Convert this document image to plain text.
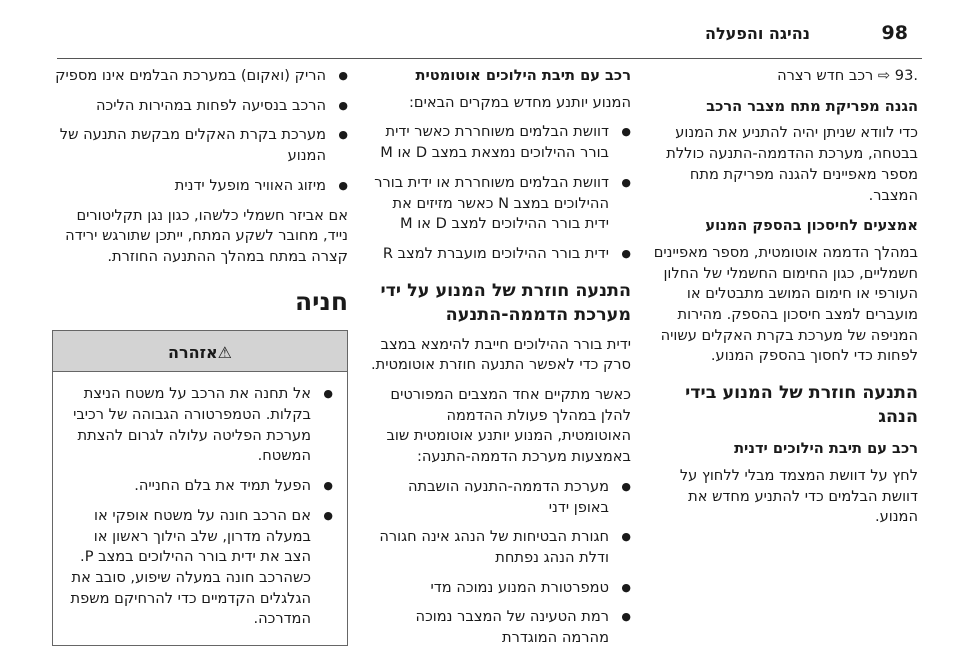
98
נהיגה והפעלה

.93 ⇨ רכב חדש רצרה

הגנה מפריקת מתח מצבר הרכב

כדי לוודא שניתן יהיה להתניע את המנוע בבטחה, מערכת ההדממה-התנעה כוללת מספר מאפיינים להגנה מפריקת מתח המצבר.

אמצעים לחיסכון בהספק המנוע

במהלך הדממה אוטומטית, מספר מאפיינים חשמליים, כגון החימום החשמלי של החלון העורפי או חימום המושב מתבטלים או מועברים למצב חיסכון בהספק. מהירות המניפה של מערכת בקרת האקלים עשויה לפחות כדי לחסוך בהספק המנוע.

התנעה חוזרת של המנוע בידי הנהג
רכב עם תיבת הילוכים ידנית

לחץ על דוושת המצמד מבלי ללחוץ על דוושת הבלמים כדי להתניע מחדש את המנוע.

רכב עם תיבת הילוכים אוטומטית

המנוע יותנע מחדש במקרים הבאים:

● דוושת הבלמים משוחררת כאשר ידית בורר ההילוכים נמצאת במצב D או M
● דוושת הבלמים משוחררת או ידית בורר ההילוכים במצב N כאשר מזיזים את ידית בורר ההילוכים למצב D או M
● ידית בורר ההילוכים מועברת למצב R
התנעה חוזרת של המנוע על ידי מערכת הדממה-התנעה

ידית בורר ההילוכים חייבת להימצא במצב סרק כדי לאפשר התנעה חוזרת אוטומטית.

כאשר מתקיים אחד המצבים המפורטים להלן במהלך פעולת ההדממה האוטומטית, המנוע יותנע אוטומטית שוב באמצעות מערכת הדממה-התנעה:

● מערכת הדממה-התנעה הושבתה באופן ידני
● חגורת הבטיחות של הנהג אינה חגורה ודלת הנהג נפתחת
● טמפרטורת המנוע נמוכה מדי
● רמת הטעינה של המצבר נמוכה מהרמה המוגדרת
● הריק (ואקום) במערכת הבלמים אינו מספיק
● הרכב בנסיעה לפחות במהירות הליכה
● מערכת בקרת האקלים מבקשת התנעה של המנוע
● מיזוג האוויר מופעל ידנית

אם אביזר חשמלי כלשהו, כגון נגן תקליטורים נייד, מחובר לשקע המתח, ייתכן שתורגש ירידה קצרה במתח במהלך ההתנעה החוזרת.

חניה
⚠אזהרה
● אל תחנה את הרכב על משטח הניצת בקלות. הטמפרטורה הגבוהה של רכיבי מערכת הפליטה עלולה לגרום להצתת המשטח.
● הפעל תמיד את בלם החנייה.
● אם הרכב חונה על משטח אופקי או במעלה מדרון, שלב הילוך ראשון או הצב את ידית בורר ההילוכים במצב P. כשהרכב חונה במעלה שיפוע, סובב את הגלגלים הקדמיים כדי להרחיקם משפת המדרכה.
